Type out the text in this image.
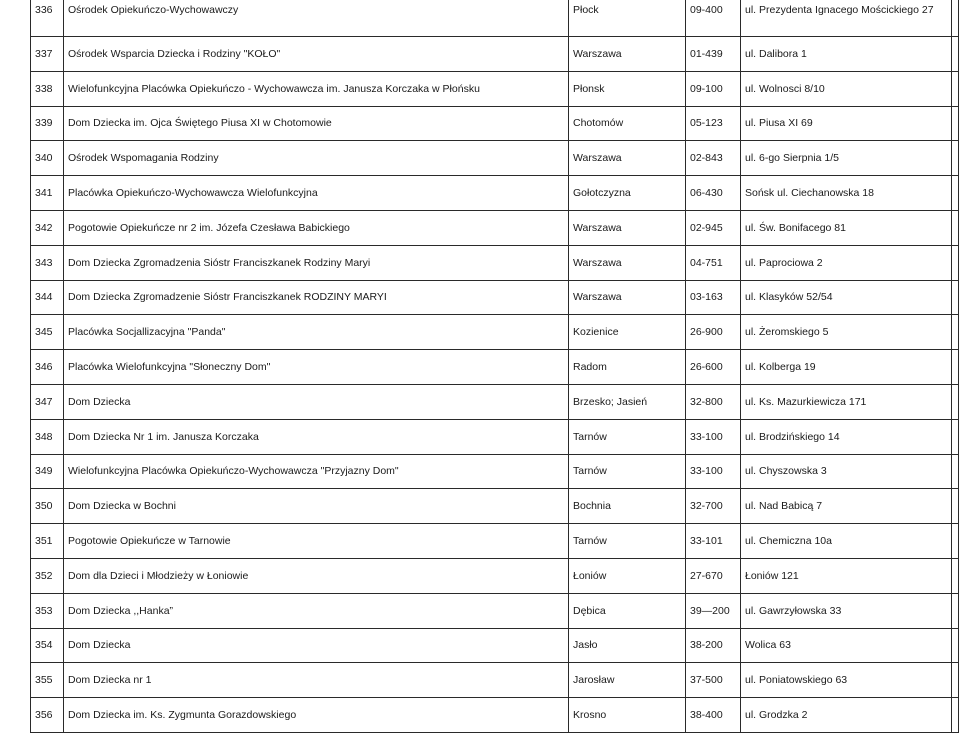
336	Ośrodek Opiekuńczo-Wychowawczy	Płock	09-400	ul. Prezydenta Ignacego Mościckiego 27	
337	Ośrodek Wsparcia Dziecka i Rodziny "KOŁO"	Warszawa	01-439	ul. Dalibora 1	
338	Wielofunkcyjna Placówka Opiekuńczo - Wychowawcza im. Janusza Korczaka w Płońsku	Płonsk	09-100	ul. Wolnosci 8/10	
339	Dom Dziecka im. Ojca Świętego Piusa XI w Chotomowie	Chotomów	05-123	ul. Piusa XI 69	
340	Ośrodek Wspomagania Rodziny	Warszawa	02-843	ul. 6-go Sierpnia 1/5	
341	Placówka Opiekuńczo-Wychowawcza Wielofunkcyjna	Gołotczyzna	06-430	Sońsk ul. Ciechanowska 18	
342	Pogotowie Opiekuńcze nr 2 im. Józefa Czesława Babickiego	Warszawa	02-945	ul. Św. Bonifacego 81	
343	Dom Dziecka Zgromadzenia Sióstr Franciszkanek Rodziny Maryi	Warszawa	04-751	ul. Paprociowa 2	
344	Dom Dziecka Zgromadzenie Sióstr Franciszkanek RODZINY MARYI	Warszawa	03-163	ul. Klasyków 52/54	
345	Placówka Socjallizacyjna "Panda"	Kozienice	26-900	ul. Żeromskiego 5	
346	Placówka Wielofunkcyjna "Słoneczny Dom"	Radom	26-600	ul. Kolberga 19	
347	Dom Dziecka	Brzesko; Jasień	32-800	ul. Ks. Mazurkiewicza 171	
348	Dom Dziecka Nr 1 im. Janusza Korczaka	Tarnów	33-100	ul. Brodzińskiego 14	
349	Wielofunkcyjna Placówka Opiekuńczo-Wychowawcza "Przyjazny Dom"	Tarnów	33-100	ul. Chyszowska 3	
350	Dom Dziecka w Bochni	Bochnia	32-700	ul. Nad Babicą 7	
351	Pogotowie Opiekuńcze w Tarnowie	Tarnów	33-101	ul. Chemiczna 10a	
352	Dom dla Dzieci i Młodzieży w Łoniowie	Łoniów	27-670	Łoniów 121	
353	Dom Dziecka ,,Hanka”	Dębica	39—200	ul. Gawrzyłowska 33	
354	Dom Dziecka	Jasło	38-200	Wolica 63	
355	Dom Dziecka nr 1	Jarosław	37-500	ul. Poniatowskiego 63	
356	Dom Dziecka im. Ks. Zygmunta Gorazdowskiego	Krosno	38-400	ul. Grodzka 2	
